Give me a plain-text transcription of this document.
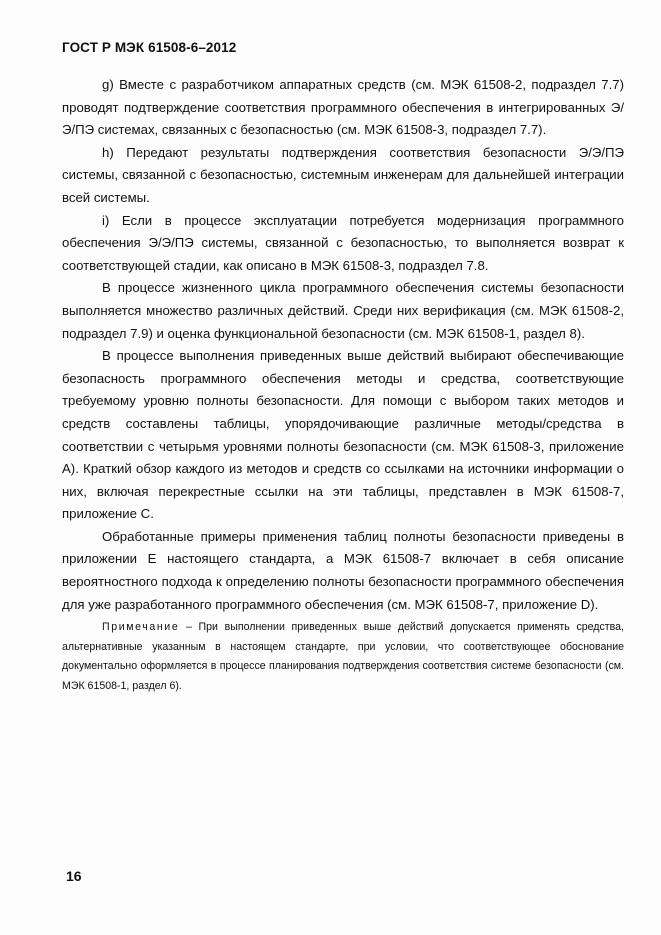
ГОСТ Р МЭК 61508-6–2012

g) Вместе с разработчиком аппаратных средств (см. МЭК 61508-2, подраздел 7.7) проводят подтверждение соответствия программного обеспечения в интегрированных Э/Э/ПЭ системах, связанных с безопасностью (см. МЭК 61508-3, подраздел 7.7).

h) Передают результаты подтверждения соответствия безопасности Э/Э/ПЭ системы, связанной с безопасностью, системным инженерам для дальнейшей интеграции всей системы.

i) Если в процессе эксплуатации потребуется модернизация программного обеспечения Э/Э/ПЭ системы, связанной с безопасностью, то выполняется возврат к соответствующей стадии, как описано в МЭК 61508-3, подраздел 7.8.

В процессе жизненного цикла программного обеспечения системы безопасности выполняется множество различных действий. Среди них верификация (см. МЭК 61508-2, подраздел 7.9) и оценка функциональной безопасности (см. МЭК 61508-1, раздел 8).

В процессе выполнения приведенных выше действий выбирают обеспечивающие безопасность программного обеспечения методы и средства, соответствующие требуемому уровню полноты безопасности. Для помощи с выбором таких методов и средств составлены таблицы, упорядочивающие различные методы/средства в соответствии с четырьмя уровнями полноты безопасности (см. МЭК 61508-3, приложение А). Краткий обзор каждого из методов и средств со ссылками на источники информации о них, включая перекрестные ссылки на эти таблицы, представлен в МЭК 61508-7, приложение С.

Обработанные примеры применения таблиц полноты безопасности приведены в приложении Е настоящего стандарта, а МЭК 61508-7 включает в себя описание вероятностного подхода к определению полноты безопасности программного обеспечения для уже разработанного программного обеспечения (см. МЭК 61508-7, приложение D).

Примечание – При выполнении приведенных выше действий допускается применять средства, альтернативные указанным в настоящем стандарте, при условии, что соответствующее обоснование документально оформляется в процессе планирования подтверждения соответствия системе безопасности (см. МЭК 61508-1, раздел 6).

16
